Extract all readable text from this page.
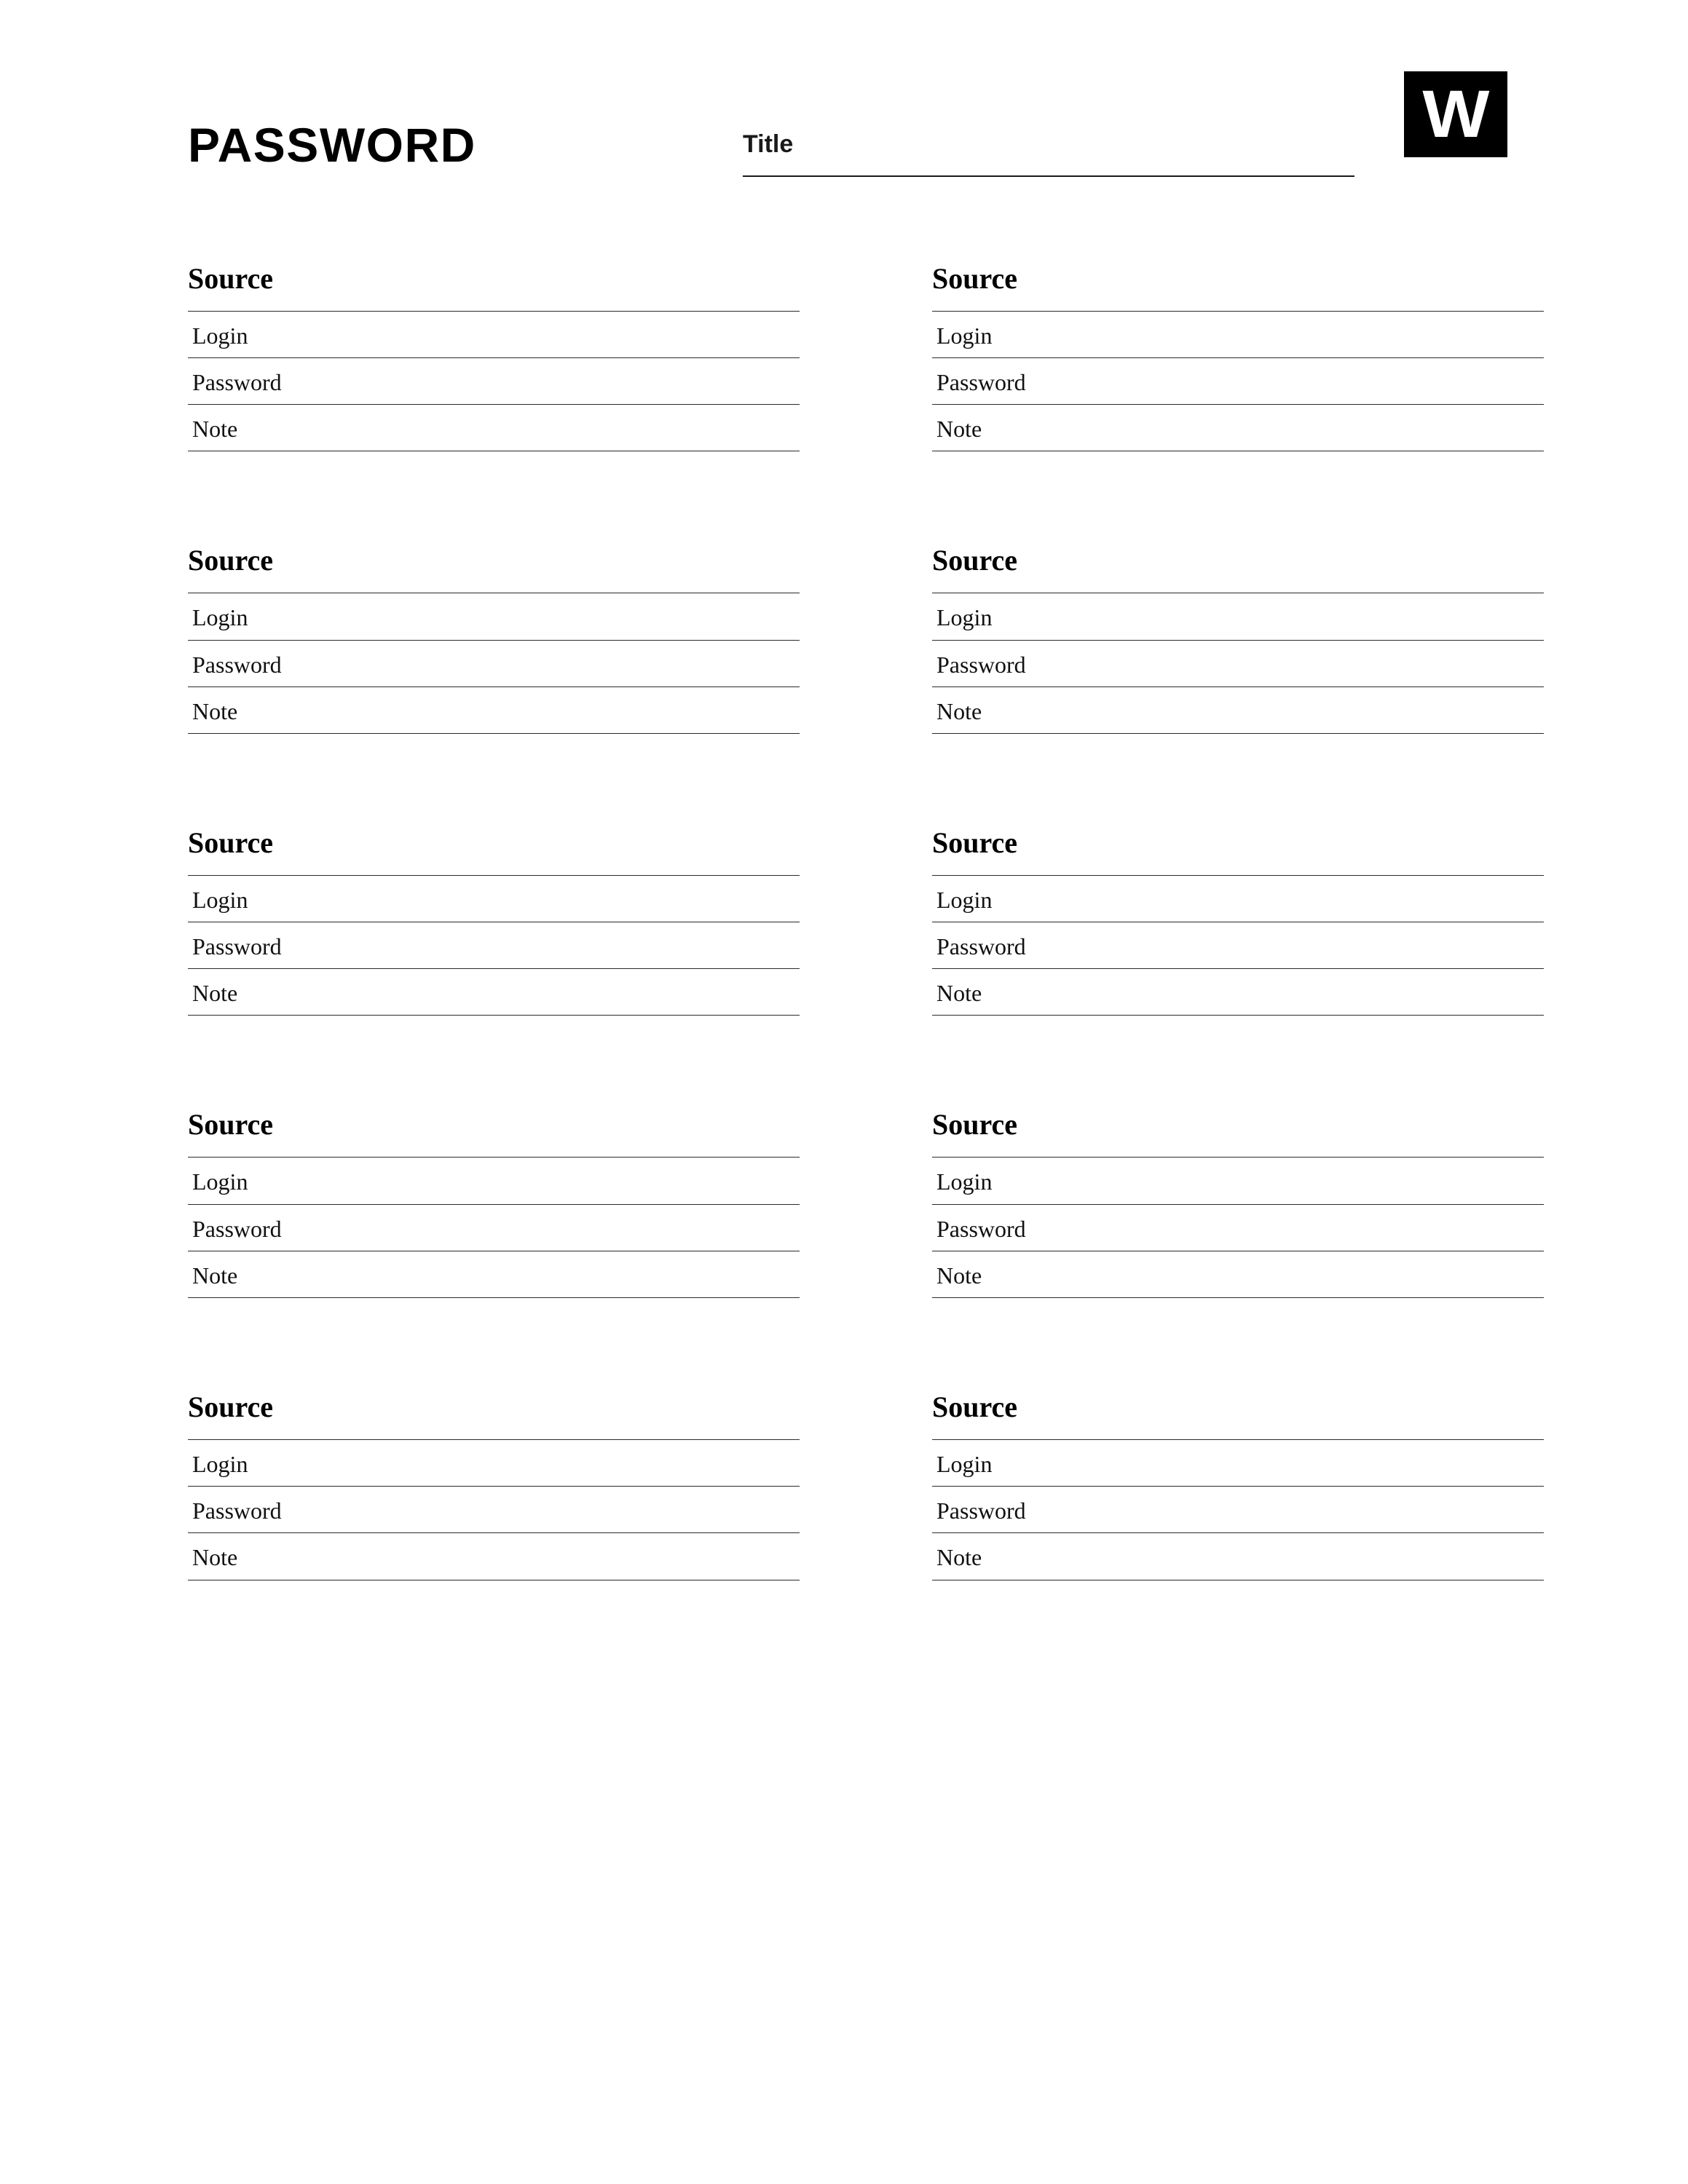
PASSWORD	Title	W
Source
Login
Password
Note
Source
Login
Password
Note
Source
Login
Password
Note
Source
Login
Password
Note
Source
Login
Password
Note
Source
Login
Password
Note
Source
Login
Password
Note
Source
Login
Password
Note
Source
Login
Password
Note
Source
Login
Password
Note
